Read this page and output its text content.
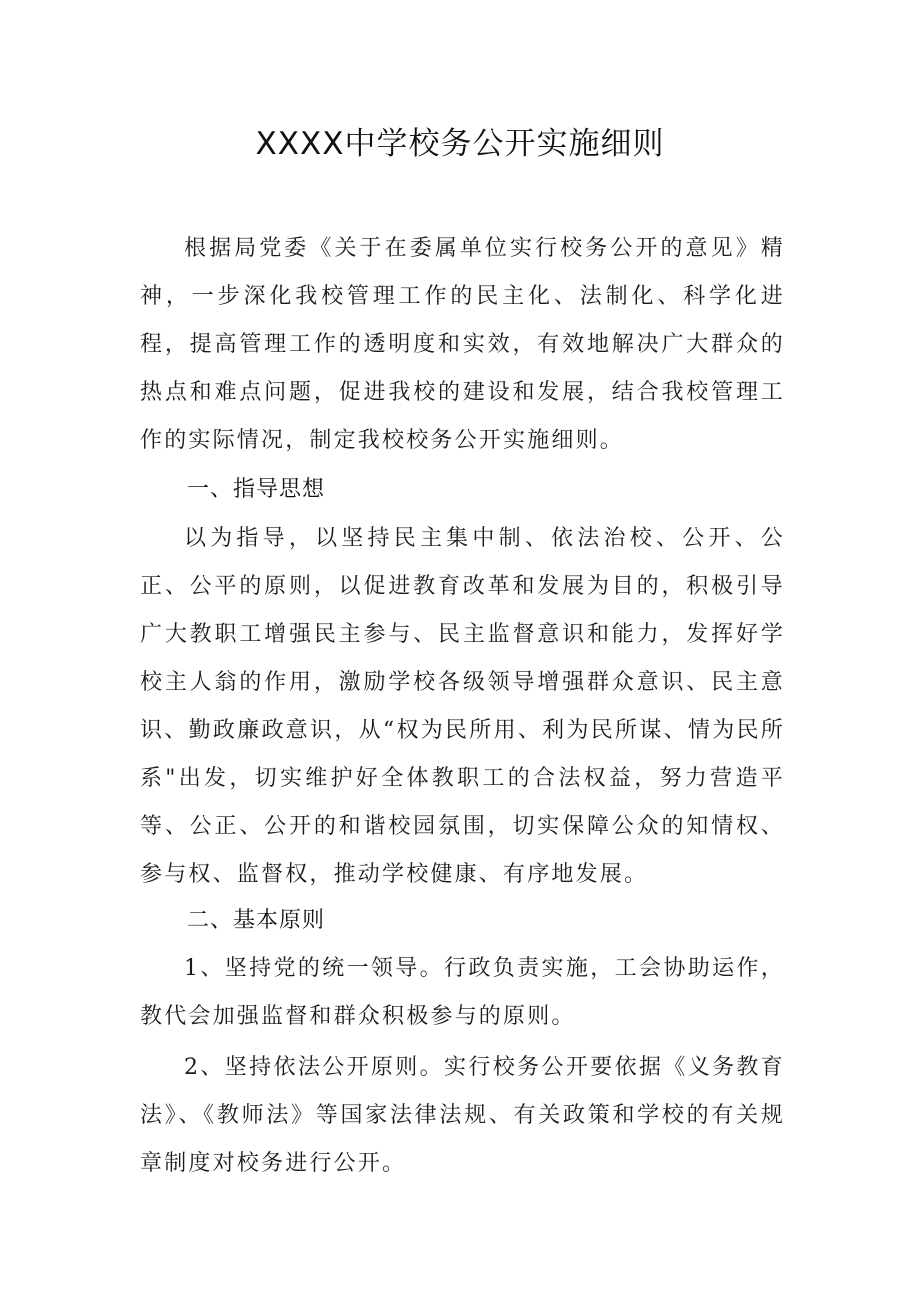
XXXX中学校务公开实施细则

根据局党委《关于在委属单位实行校务公开的意见》精神，一步深化我校管理工作的民主化、法制化、科学化进程，提高管理工作的透明度和实效，有效地解决广大群众的热点和难点问题，促进我校的建设和发展，结合我校管理工作的实际情况，制定我校校务公开实施细则。

一、指导思想

以为指导，以坚持民主集中制、依法治校、公开、公正、公平的原则，以促进教育改革和发展为目的，积极引导广大教职工增强民主参与、民主监督意识和能力，发挥好学校主人翁的作用，激励学校各级领导增强群众意识、民主意识、勤政廉政意识，从“权为民所用、利为民所谋、情为民所系"出发，切实维护好全体教职工的合法权益，努力营造平等、公正、公开的和谐校园氛围，切实保障公众的知情权、参与权、监督权，推动学校健康、有序地发展。

二、基本原则

1、坚持党的统一领导。行政负责实施，工会协助运作，教代会加强监督和群众积极参与的原则。

2、坚持依法公开原则。实行校务公开要依据《义务教育法》、《教师法》等国家法律法规、有关政策和学校的有关规章制度对校务进行公开。
